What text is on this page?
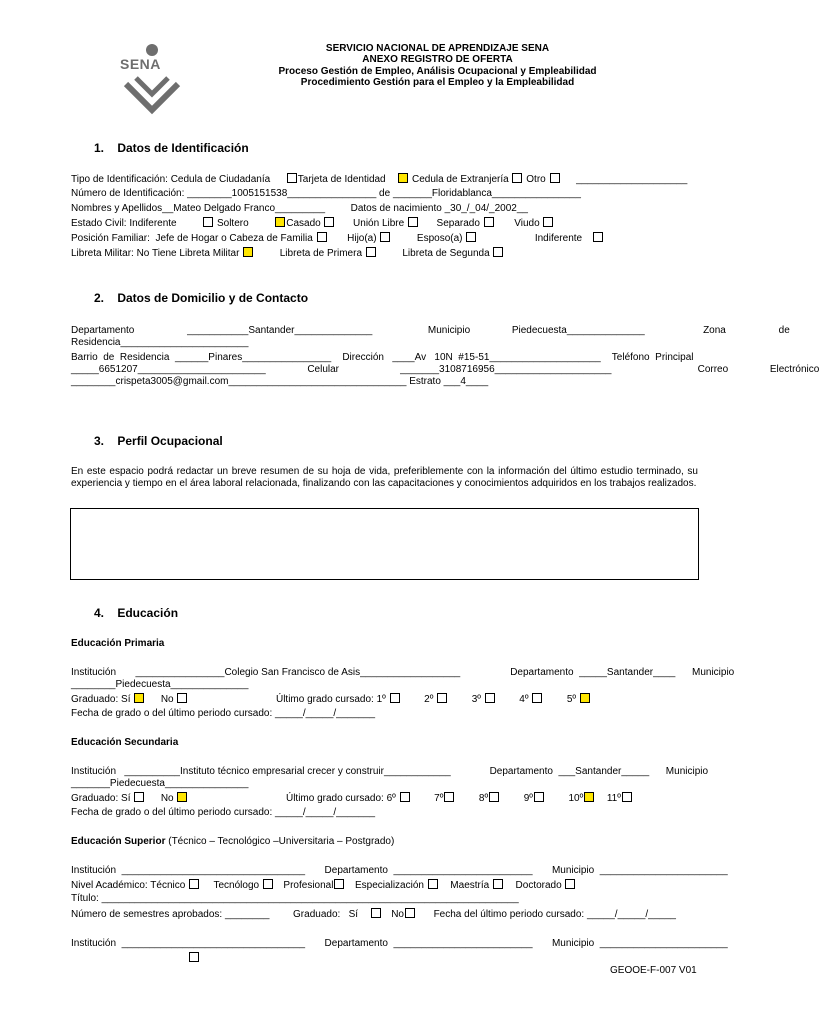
SENA
SERVICIO NACIONAL DE APRENDIZAJE SENA
ANEXO REGISTRO DE OFERTA
Proceso Gestión de Empleo, Análisis Ocupacional y Empleabilidad
Procedimiento Gestión para el Empleo y la Empleabilidad
1.    Datos de Identificación
Tipo de Identificación: Cedula de Ciudadanía	Tarjeta de Identidad	Cedula de Extranjería Otro	____________________
Número de Identificación: ________1005151538________________ de _______Floridablanca________________
Nombres y Apellidos__Mateo Delgado Franco_________	Datos de nacimiento _30_/_04/_2002__
Estado Civil: Indiferente	Soltero	Casado	Unión Libre	Separado	Viudo
Posición Familiar:  Jefe de Hogar o Cabeza de Familia	Hijo(a)	Esposo(a)	Indiferente
Libreta Militar: No Tiene Libreta Militar	Libreta de Primera	Libreta de Segunda
2.    Datos de Domicilio y de Contacto
Departamento                   ___________Santander______________                    Municipio               Piedecuesta______________                     Zona                   de
Residencia_______________________
Barrio  de  Residencia  ______Pinares________________    Dirección   ____Av   10N  #15-51____________________    Teléfono  Principal
_____6651207_______________________               Celular                      _______3108716956_____________________                               Correo               Electrónico
________crispeta3005@gmail.com________________________________ Estrato ___4____
3.    Perfil Ocupacional
En este espacio podrá redactar un breve resumen de su hoja de vida, preferiblemente con la información del último estudio terminado, su experiencia y tiempo en el área laboral relacionada, finalizando con las capacitaciones y conocimientos adquiridos en los trabajos realizados.
4.    Educación
Educación Primaria
Institución       ________________Colegio San Francisco de Asis__________________                  Departamento  _____Santander____      Municipio
________Piedecuesta______________
Graduado: Sí	No	Último grado cursado: 1º	2º	3º	4º	5º
Fecha de grado o del último periodo cursado: _____/_____/_______
Educación Secundaria
Institución   __________Instituto técnico empresarial crecer y construir____________              Departamento  ___Santander_____      Municipio
_______Piedecuesta_______________
Graduado: Sí	No	Último grado cursado: 6º	7º	8º	9º	10º 11º
Fecha de grado o del último periodo cursado: _____/_____/_______
Educación Superior (Técnico – Tecnológico –Universitaria – Postgrado)
Institución  _________________________________       Departamento  _________________________       Municipio  _______________________
Nivel Académico: Técnico	Tecnólogo Profesional Especialización	Maestría	Doctorado
Título: ___________________________________________________________________________
Número de semestres aprobados: ________ Graduado:   Sí	No	Fecha del último periodo cursado: _____/_____/_____
Institución  _________________________________       Departamento  _________________________       Municipio  _______________________
GEOOE-F-007 V01
